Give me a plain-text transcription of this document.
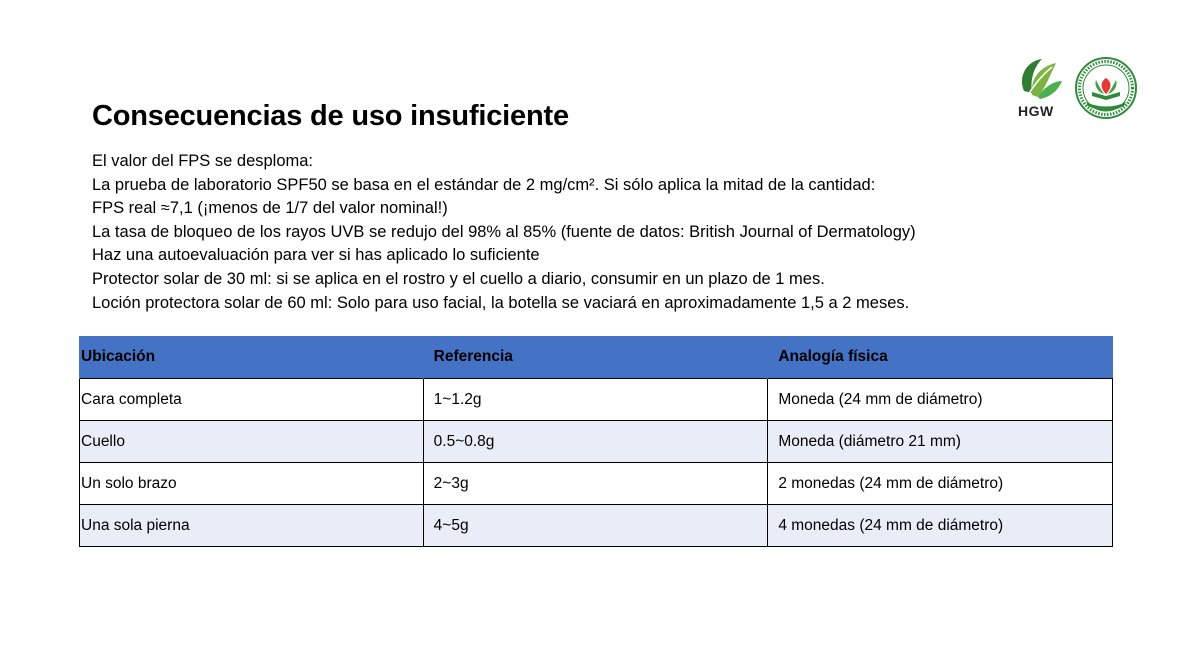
HGW
Consecuencias de uso insuficiente
El valor del FPS se desploma:
La prueba de laboratorio SPF50 se basa en el estándar de 2 mg/cm². Si sólo aplica la mitad de la cantidad:
FPS real ≈7,1 (¡menos de 1/7 del valor nominal!)
La tasa de bloqueo de los rayos UVB se redujo del 98% al 85% (fuente de datos: British Journal of Dermatology)
Haz una autoevaluación para ver si has aplicado lo suficiente
Protector solar de 30 ml: si se aplica en el rostro y el cuello a diario, consumir en un plazo de 1 mes.
Loción protectora solar de 60 ml: Solo para uso facial, la botella se vaciará en aproximadamente 1,5 a 2 meses.
Ubicación	Referencia	Analogía física
Cara completa	1~1.2g	Moneda (24 mm de diámetro)
Cuello	0.5~0.8g	Moneda (diámetro 21 mm)
Un solo brazo	2~3g	2 monedas (24 mm de diámetro)
Una sola pierna	4~5g	4 monedas (24 mm de diámetro)
